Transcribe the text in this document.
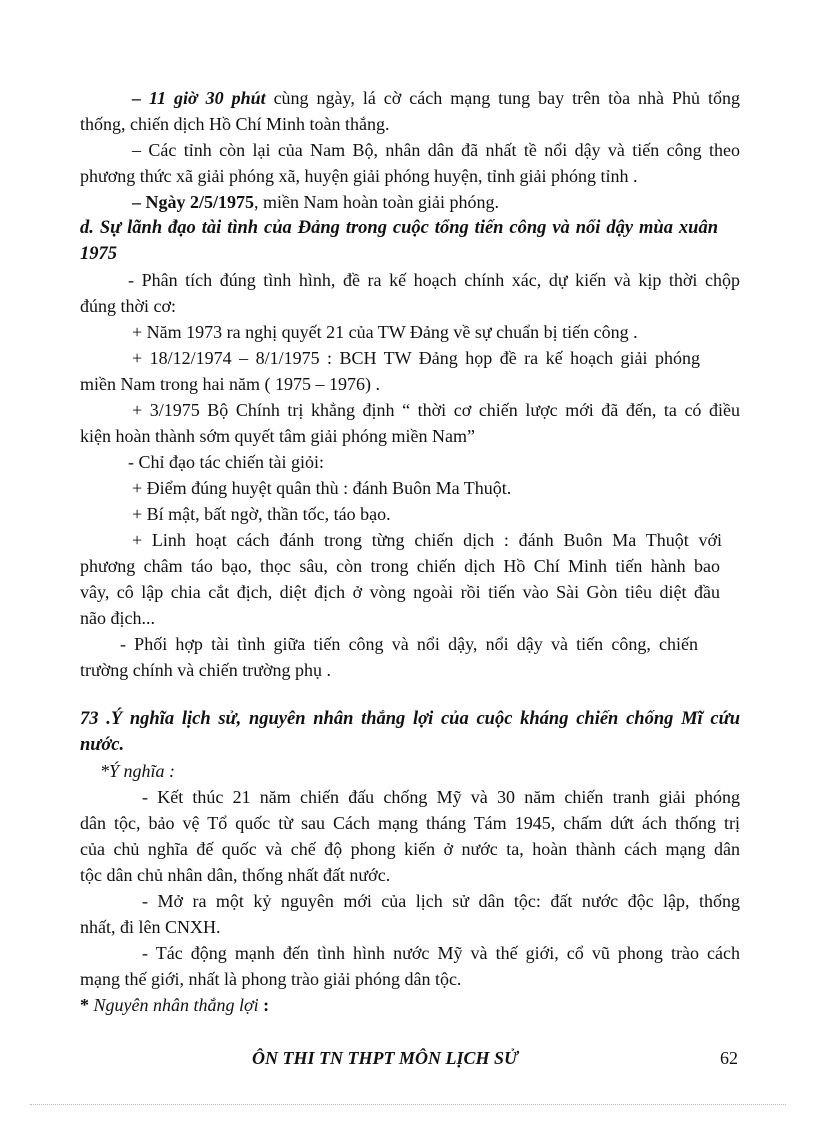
– 11 giờ 30 phút cùng ngày, lá cờ cách mạng tung bay trên tòa nhà Phủ tổng
thống, chiến dịch Hồ Chí Minh toàn thắng.
– Các tỉnh còn lại của Nam Bộ, nhân dân đã nhất tề nổi dậy và tiến công theo
phương thức xã giải phóng xã, huyện giải phóng huyện, tỉnh giải phóng tỉnh .
– Ngày 2/5/1975, miền Nam hoàn toàn giải phóng.
d. Sự lãnh đạo tài tình của Đảng trong cuộc tổng tiến công và nổi dậy mùa xuân
1975
- Phân tích đúng tình hình, đề ra kế hoạch chính xác, dự kiến và kịp thời chộp
đúng thời cơ:
+ Năm 1973 ra nghị quyết 21 của TW Đảng về sự chuẩn bị tiến công .
+ 18/12/1974 – 8/1/1975 : BCH TW Đảng họp đề ra kế hoạch giải phóng
miền Nam trong hai năm ( 1975 – 1976) .
+ 3/1975 Bộ Chính trị khẳng định “ thời cơ chiến lược mới đã đến, ta có điều
kiện hoàn thành sớm quyết tâm giải phóng miền Nam”
- Chỉ đạo tác chiến tài giỏi:
+ Điểm đúng huyệt quân thù : đánh Buôn Ma Thuột.
+ Bí mật, bất ngờ, thần tốc, táo bạo.
+ Linh hoạt cách đánh trong từng chiến dịch : đánh Buôn Ma Thuột với
phương châm táo bạo, thọc sâu, còn trong chiến dịch Hồ Chí Minh tiến hành bao
vây, cô lập chia cắt địch, diệt địch ở vòng ngoài rồi tiến vào Sài Gòn tiêu diệt đầu
não địch...
- Phối hợp tài tình giữa tiến công và nổi dậy, nổi dậy và tiến công, chiến
trường chính và chiến trường phụ .
73 .Ý nghĩa lịch sử, nguyên nhân thắng lợi của cuộc kháng chiến chống Mĩ cứu
nước.
*Ý nghĩa :
- Kết thúc 21 năm chiến đấu chống Mỹ và 30 năm chiến tranh giải phóng
dân tộc, bảo vệ Tổ quốc từ sau Cách mạng tháng Tám 1945, chấm dứt ách thống trị
của chủ nghĩa đế quốc và chế độ phong kiến ở nước ta, hoàn thành cách mạng dân
tộc dân chủ nhân dân, thống nhất đất nước.
- Mở ra một kỷ nguyên mới của lịch sử dân tộc: đất nước độc lập, thống
nhất, đi lên CNXH.
- Tác động mạnh đến tình hình nước Mỹ và thế giới, cổ vũ phong trào cách
mạng thế giới, nhất là phong trào giải phóng dân tộc.
* Nguyên nhân thắng lợi :
ÔN THI TN THPT MÔN LỊCH SỬ	62
